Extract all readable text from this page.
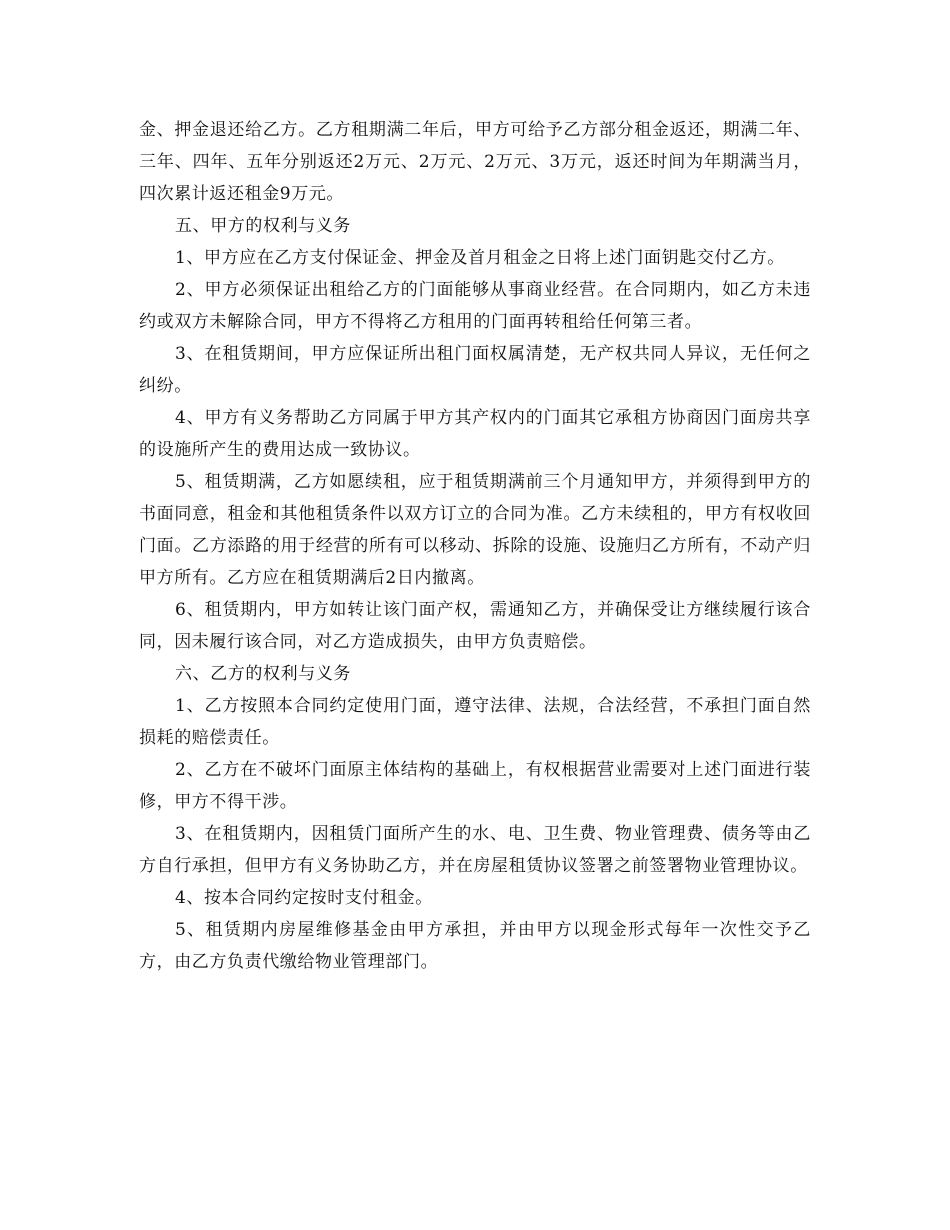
金、押金退还给乙方。乙方租期满二年后，甲方可给予乙方部分租金返还，期满二年、三年、四年、五年分别返还2万元、2万元、2万元、3万元，返还时间为年期满当月，四次累计返还租金9万元。

五、甲方的权利与义务

1、甲方应在乙方支付保证金、押金及首月租金之日将上述门面钥匙交付乙方。

2、甲方必须保证出租给乙方的门面能够从事商业经营。在合同期内，如乙方未违约或双方未解除合同，甲方不得将乙方租用的门面再转租给任何第三者。

3、在租赁期间，甲方应保证所出租门面权属清楚，无产权共同人异议，无任何之纠纷。

4、甲方有义务帮助乙方同属于甲方其产权内的门面其它承租方协商因门面房共享的设施所产生的费用达成一致协议。

5、租赁期满，乙方如愿续租，应于租赁期满前三个月通知甲方，并须得到甲方的书面同意，租金和其他租赁条件以双方订立的合同为准。乙方未续租的，甲方有权收回门面。乙方添路的用于经营的所有可以移动、拆除的设施、设施归乙方所有，不动产归甲方所有。乙方应在租赁期满后2日内撤离。

6、租赁期内，甲方如转让该门面产权，需通知乙方，并确保受让方继续履行该合同，因未履行该合同，对乙方造成损失，由甲方负责赔偿。

六、乙方的权利与义务

1、乙方按照本合同约定使用门面，遵守法律、法规，合法经营，不承担门面自然损耗的赔偿责任。

2、乙方在不破坏门面原主体结构的基础上，有权根据营业需要对上述门面进行装修，甲方不得干涉。

3、在租赁期内，因租赁门面所产生的水、电、卫生费、物业管理费、债务等由乙方自行承担，但甲方有义务协助乙方，并在房屋租赁协议签署之前签署物业管理协议。

4、按本合同约定按时支付租金。

5、租赁期内房屋维修基金由甲方承担，并由甲方以现金形式每年一次性交予乙方，由乙方负责代缴给物业管理部门。
